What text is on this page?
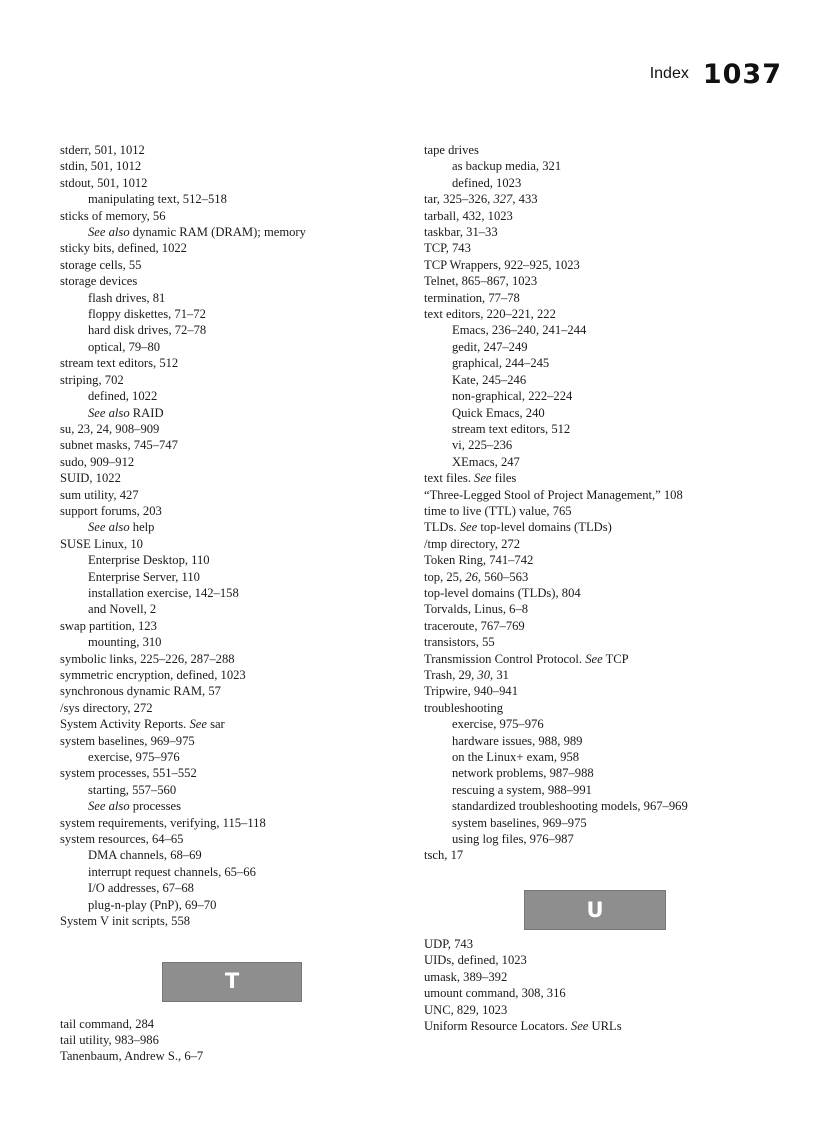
Index 1037
stderr, 501, 1012
stdin, 501, 1012
stdout, 501, 1012
manipulating text, 512–518
sticks of memory, 56
See also dynamic RAM (DRAM); memory
sticky bits, defined, 1022
storage cells, 55
storage devices
flash drives, 81
floppy diskettes, 71–72
hard disk drives, 72–78
optical, 79–80
stream text editors, 512
striping, 702
defined, 1022
See also RAID
su, 23, 24, 908–909
subnet masks, 745–747
sudo, 909–912
SUID, 1022
sum utility, 427
support forums, 203
See also help
SUSE Linux, 10
Enterprise Desktop, 110
Enterprise Server, 110
installation exercise, 142–158
and Novell, 2
swap partition, 123
mounting, 310
symbolic links, 225–226, 287–288
symmetric encryption, defined, 1023
synchronous dynamic RAM, 57
/sys directory, 272
System Activity Reports. See sar
system baselines, 969–975
exercise, 975–976
system processes, 551–552
starting, 557–560
See also processes
system requirements, verifying, 115–118
system resources, 64–65
DMA channels, 68–69
interrupt request channels, 65–66
I/O addresses, 67–68
plug-n-play (PnP), 69–70
System V init scripts, 558
T
tail command, 284
tail utility, 983–986
Tanenbaum, Andrew S., 6–7
tape drives
as backup media, 321
defined, 1023
tar, 325–326, 327, 433
tarball, 432, 1023
taskbar, 31–33
TCP, 743
TCP Wrappers, 922–925, 1023
Telnet, 865–867, 1023
termination, 77–78
text editors, 220–221, 222
Emacs, 236–240, 241–244
gedit, 247–249
graphical, 244–245
Kate, 245–246
non-graphical, 222–224
Quick Emacs, 240
stream text editors, 512
vi, 225–236
XEmacs, 247
text files. See files
“Three-Legged Stool of Project Management,” 108
time to live (TTL) value, 765
TLDs. See top-level domains (TLDs)
/tmp directory, 272
Token Ring, 741–742
top, 25, 26, 560–563
top-level domains (TLDs), 804
Torvalds, Linus, 6–8
traceroute, 767–769
transistors, 55
Transmission Control Protocol. See TCP
Trash, 29, 30, 31
Tripwire, 940–941
troubleshooting
exercise, 975–976
hardware issues, 988, 989
on the Linux+ exam, 958
network problems, 987–988
rescuing a system, 988–991
standardized troubleshooting models, 967–969
system baselines, 969–975
using log files, 976–987
tsch, 17
U
UDP, 743
UIDs, defined, 1023
umask, 389–392
umount command, 308, 316
UNC, 829, 1023
Uniform Resource Locators. See URLs
